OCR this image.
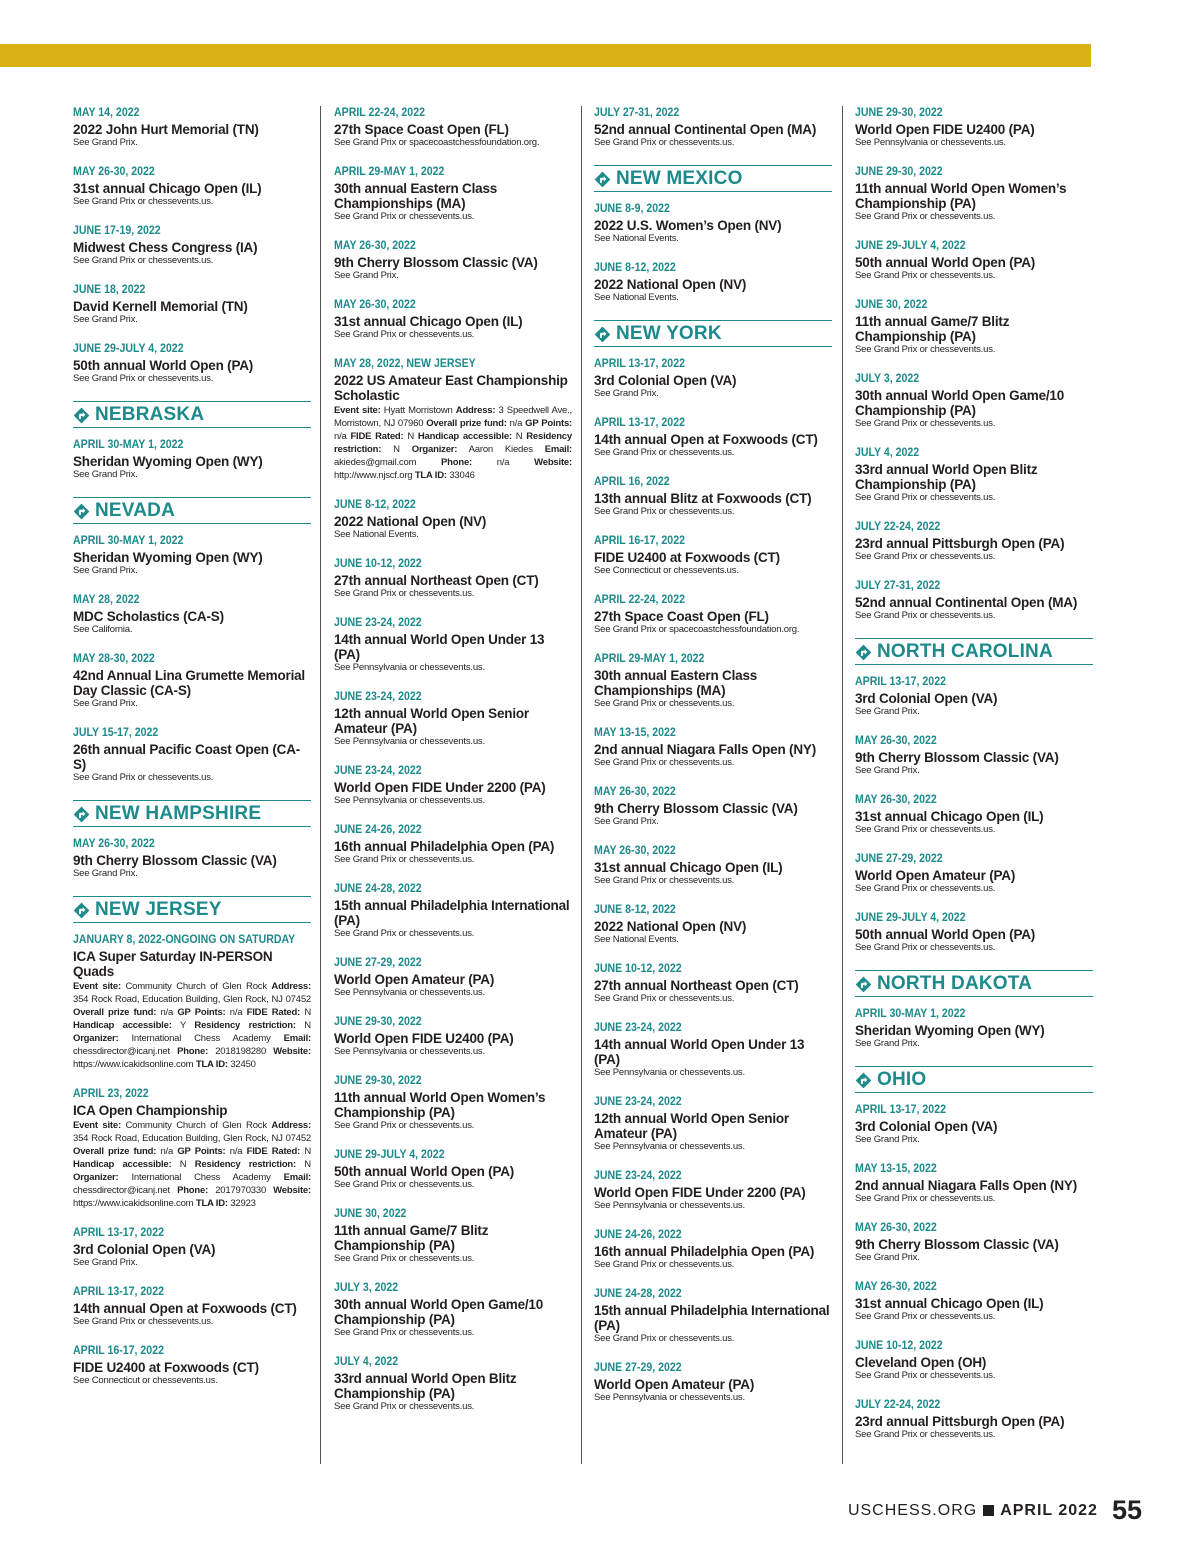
MAY 14, 2022
2022 John Hurt Memorial (TN)
See Grand Prix.
MAY 26-30, 2022
31st annual Chicago Open (IL)
See Grand Prix or chessevents.us.
JUNE 17-19, 2022
Midwest Chess Congress (IA)
See Grand Prix or chessevents.us.
JUNE 18, 2022
David Kernell Memorial (TN)
See Grand Prix.
JUNE 29-JULY 4, 2022
50th annual World Open (PA)
See Grand Prix or chessevents.us.
NEBRASKA
APRIL 30-MAY 1, 2022
Sheridan Wyoming Open (WY)
See Grand Prix.
NEVADA
APRIL 30-MAY 1, 2022
Sheridan Wyoming Open (WY)
See Grand Prix.
MAY 28, 2022
MDC Scholastics (CA-S)
See California.
MAY 28-30, 2022
42nd Annual Lina Grumette Memorial Day Classic (CA-S)
See Grand Prix.
JULY 15-17, 2022
26th annual Pacific Coast Open (CA-S)
See Grand Prix or chessevents.us.
NEW HAMPSHIRE
MAY 26-30, 2022
9th Cherry Blossom Classic (VA)
See Grand Prix.
NEW JERSEY
JANUARY 8, 2022-ONGOING ON SATURDAY
ICA Super Saturday IN-PERSON Quads
Event site: Community Church of Glen Rock Address: 354 Rock Road, Education Building, Glen Rock, NJ 07452 Overall prize fund: n/a GP Points: n/a FIDE Rated: N Handicap accessible: Y Residency restriction: N Organizer: International Chess Academy Email: chessdirector@icanj.net Phone: 2018198280 Website: https://www.icakidsonline.com TLA ID: 32450
APRIL 23, 2022
ICA Open Championship
Event site: Community Church of Glen Rock Address: 354 Rock Road, Education Building, Glen Rock, NJ 07452 Overall prize fund: n/a GP Points: n/a FIDE Rated: N Handicap accessible: N Residency restriction: N Organizer: International Chess Academy Email: chessdirector@icanj.net Phone: 2017970330 Website: https://www.icakidsonline.com TLA ID: 32923
APRIL 13-17, 2022
3rd Colonial Open (VA)
See Grand Prix.
APRIL 13-17, 2022
14th annual Open at Foxwoods (CT)
See Grand Prix or chessevents.us.
APRIL 16-17, 2022
FIDE U2400 at Foxwoods (CT)
See Connecticut or chessevents.us.
APRIL 22-24, 2022
27th Space Coast Open (FL)
See Grand Prix or spacecoastchessfoundation.org.
APRIL 29-MAY 1, 2022
30th annual Eastern Class Championships (MA)
See Grand Prix or chessevents.us.
MAY 26-30, 2022
9th Cherry Blossom Classic (VA)
See Grand Prix.
MAY 26-30, 2022
31st annual Chicago Open (IL)
See Grand Prix or chessevents.us.
MAY 28, 2022, NEW JERSEY
2022 US Amateur East Championship Scholastic
Event site: Hyatt Morristown Address: 3 Speedwell Ave., Morristown, NJ 07960 Overall prize fund: n/a GP Points: n/a FIDE Rated: N Handicap accessible: N Residency restriction: N Organizer: Aaron Kiedes Email: akiedes@gmail.com	Phone:	n/a	Website: http://www.njscf.org TLA ID: 33046
JUNE 8-12, 2022
2022 National Open (NV)
See National Events.
JUNE 10-12, 2022
27th annual Northeast Open (CT)
See Grand Prix or chessevents.us.
JUNE 23-24, 2022
14th annual World Open Under 13 (PA)
See Pennsylvania or chessevents.us.
JUNE 23-24, 2022
12th annual World Open Senior Amateur (PA)
See Pennsylvania or chessevents.us.
JUNE 23-24, 2022
World Open FIDE Under 2200 (PA)
See Pennsylvania or chessevents.us.
JUNE 24-26, 2022
16th annual Philadelphia Open (PA)
See Grand Prix or chessevents.us.
JUNE 24-28, 2022
15th annual Philadelphia International (PA)
See Grand Prix or chessevents.us.
JUNE 27-29, 2022
World Open Amateur (PA)
See Pennsylvania or chessevents.us.
JUNE 29-30, 2022
World Open FIDE U2400 (PA)
See Pennsylvania or chessevents.us.
JUNE 29-30, 2022
11th annual World Open Women’s Championship (PA)
See Grand Prix or chessevents.us.
JUNE 29-JULY 4, 2022
50th annual World Open (PA)
See Grand Prix or chessevents.us.
JUNE 30, 2022
11th annual Game/7 Blitz Championship (PA)
See Grand Prix or chessevents.us.
JULY 3, 2022
30th annual World Open Game/10 Championship (PA)
See Grand Prix or chessevents.us.
JULY 4, 2022
33rd annual World Open Blitz Championship (PA)
See Grand Prix or chessevents.us.
JULY 27-31, 2022
52nd annual Continental Open (MA)
See Grand Prix or chessevents.us.
NEW MEXICO
JUNE 8-9, 2022
2022 U.S. Women’s Open (NV)
See National Events.
JUNE 8-12, 2022
2022 National Open (NV)
See National Events.
NEW YORK
APRIL 13-17, 2022
3rd Colonial Open (VA)
See Grand Prix.
APRIL 13-17, 2022
14th annual Open at Foxwoods (CT)
See Grand Prix or chessevents.us.
APRIL 16, 2022
13th annual Blitz at Foxwoods (CT)
See Grand Prix or chessevents.us.
APRIL 16-17, 2022
FIDE U2400 at Foxwoods (CT)
See Connecticut or chessevents.us.
APRIL 22-24, 2022
27th Space Coast Open (FL)
See Grand Prix or spacecoastchessfoundation.org.
APRIL 29-MAY 1, 2022
30th annual Eastern Class Championships (MA)
See Grand Prix or chessevents.us.
MAY 13-15, 2022
2nd annual Niagara Falls Open (NY)
See Grand Prix or chessevents.us.
MAY 26-30, 2022
9th Cherry Blossom Classic (VA)
See Grand Prix.
MAY 26-30, 2022
31st annual Chicago Open (IL)
See Grand Prix or chessevents.us.
JUNE 8-12, 2022
2022 National Open (NV)
See National Events.
JUNE 10-12, 2022
27th annual Northeast Open (CT)
See Grand Prix or chessevents.us.
JUNE 23-24, 2022
14th annual World Open Under 13 (PA)
See Pennsylvania or chessevents.us.
JUNE 23-24, 2022
12th annual World Open Senior Amateur (PA)
See Pennsylvania or chessevents.us.
JUNE 23-24, 2022
World Open FIDE Under 2200 (PA)
See Pennsylvania or chessevents.us.
JUNE 24-26, 2022
16th annual Philadelphia Open (PA)
See Grand Prix or chessevents.us.
JUNE 24-28, 2022
15th annual Philadelphia International (PA)
See Grand Prix or chessevents.us.
JUNE 27-29, 2022
World Open Amateur (PA)
See Pennsylvania or chessevents.us.
JUNE 29-30, 2022
World Open FIDE U2400 (PA)
See Pennsylvania or chessevents.us.
JUNE 29-30, 2022
11th annual World Open Women’s Championship (PA)
See Grand Prix or chessevents.us.
JUNE 29-JULY 4, 2022
50th annual World Open (PA)
See Grand Prix or chessevents.us.
JUNE 30, 2022
11th annual Game/7 Blitz Championship (PA)
See Grand Prix or chessevents.us.
JULY 3, 2022
30th annual World Open Game/10 Championship (PA)
See Grand Prix or chessevents.us.
JULY 4, 2022
33rd annual World Open Blitz Championship (PA)
See Grand Prix or chessevents.us.
JULY 22-24, 2022
23rd annual Pittsburgh Open (PA)
See Grand Prix or chessevents.us.
JULY 27-31, 2022
52nd annual Continental Open (MA)
See Grand Prix or chessevents.us.
NORTH CAROLINA
APRIL 13-17, 2022
3rd Colonial Open (VA)
See Grand Prix.
MAY 26-30, 2022
9th Cherry Blossom Classic (VA)
See Grand Prix.
MAY 26-30, 2022
31st annual Chicago Open (IL)
See Grand Prix or chessevents.us.
JUNE 27-29, 2022
World Open Amateur (PA)
See Grand Prix or chessevents.us.
JUNE 29-JULY 4, 2022
50th annual World Open (PA)
See Grand Prix or chessevents.us.
NORTH DAKOTA
APRIL 30-MAY 1, 2022
Sheridan Wyoming Open (WY)
See Grand Prix.
OHIO
APRIL 13-17, 2022
3rd Colonial Open (VA)
See Grand Prix.
MAY 13-15, 2022
2nd annual Niagara Falls Open (NY)
See Grand Prix or chessevents.us.
MAY 26-30, 2022
9th Cherry Blossom Classic (VA)
See Grand Prix.
MAY 26-30, 2022
31st annual Chicago Open (IL)
See Grand Prix or chessevents.us.
JUNE 10-12, 2022
Cleveland Open (OH)
See Grand Prix or chessevents.us.
JULY 22-24, 2022
23rd annual Pittsburgh Open (PA)
See Grand Prix or chessevents.us.
USCHESS.ORG APRIL 2022 55
